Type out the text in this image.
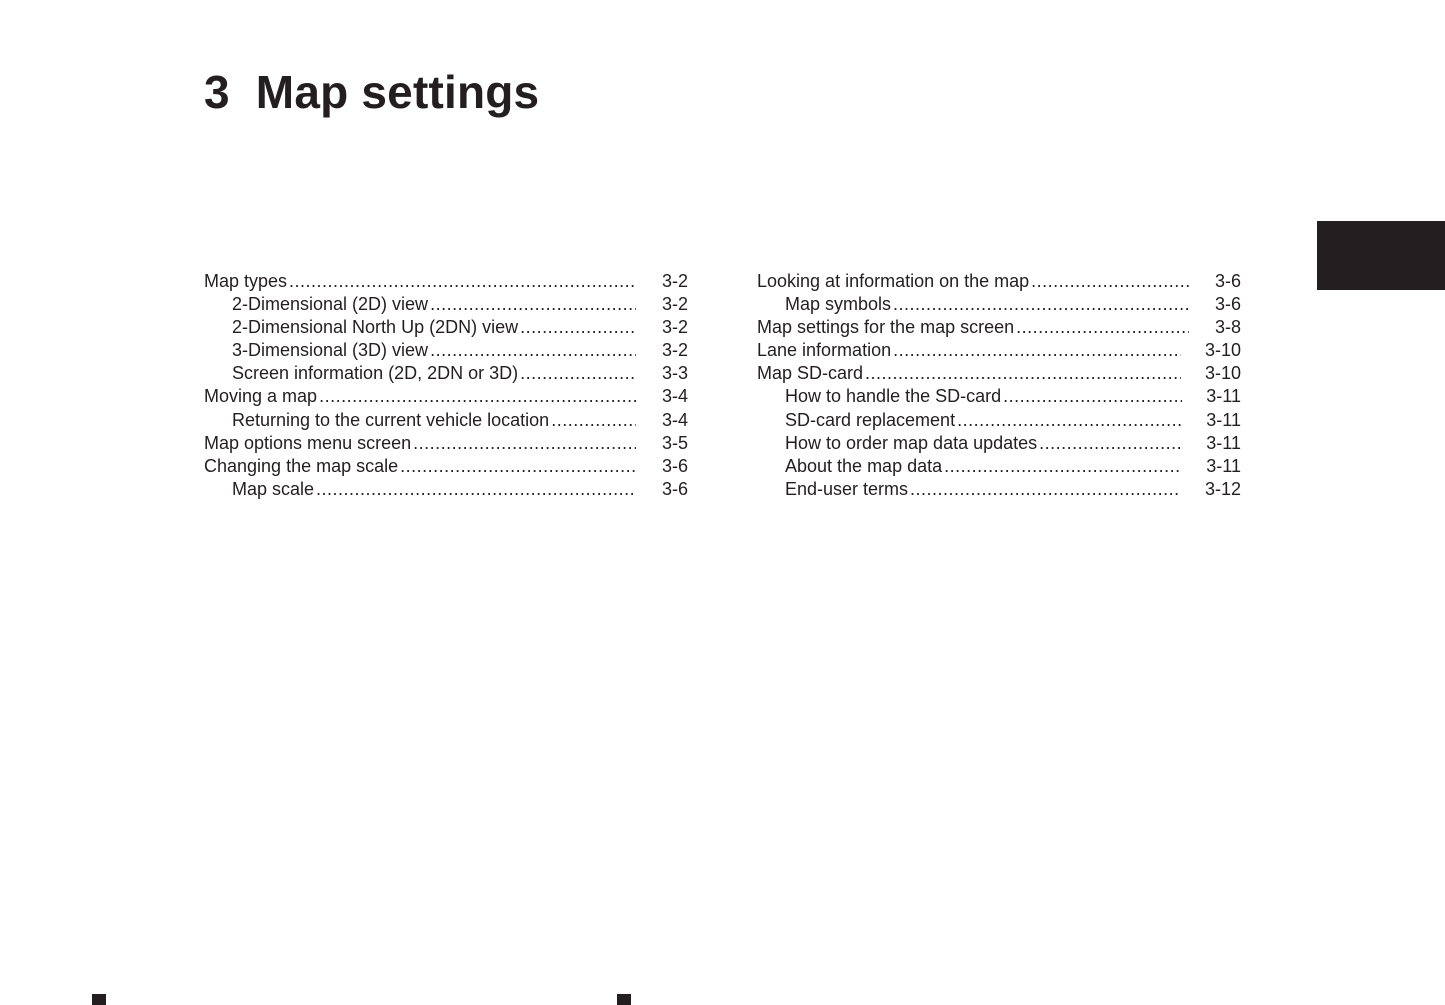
3 Map settings
Map types .....	3-2
2-Dimensional (2D) view .....	3-2
2-Dimensional North Up (2DN) view .....	3-2
3-Dimensional (3D) view .....	3-2
Screen information (2D, 2DN or 3D) .....	3-3
Moving a map .....	3-4
Returning to the current vehicle location .....	3-4
Map options menu screen .....	3-5
Changing the map scale .....	3-6
Map scale .....	3-6
Looking at information on the map .....	3-6
Map symbols .....	3-6
Map settings for the map screen .....	3-8
Lane information .....	3-10
Map SD-card .....	3-10
How to handle the SD-card .....	3-11
SD-card replacement .....	3-11
How to order map data updates .....	3-11
About the map data .....	3-11
End-user terms .....	3-12
